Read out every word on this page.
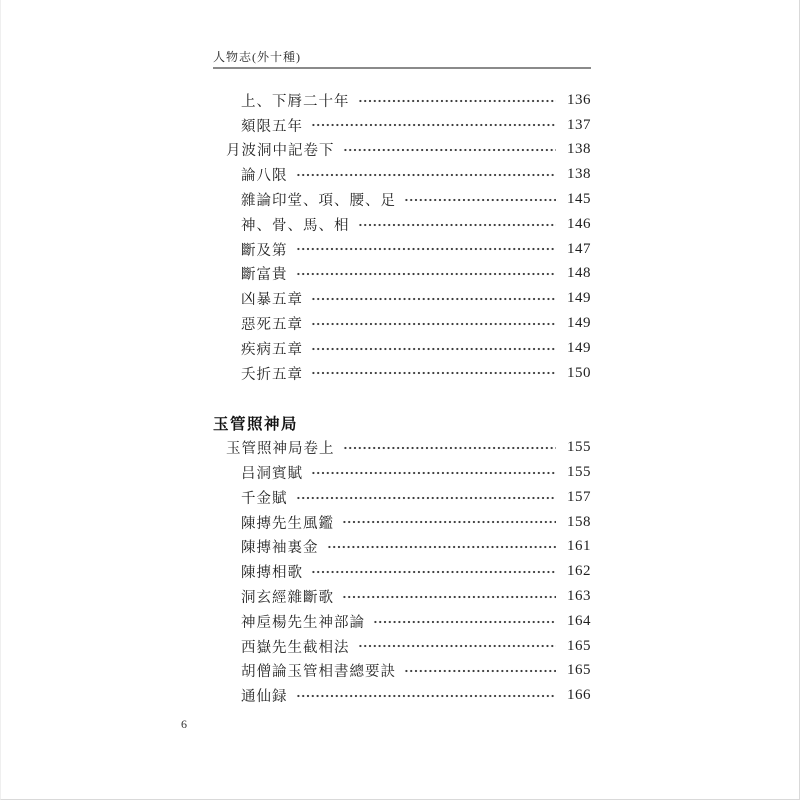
人物志(外十種)
上、下脣二十年	136
頦限五年	137
月波洞中記卷下	138
論八限	138
雜論印堂、項、腰、足	145
神、骨、馬、相	146
斷及第	147
斷富貴	148
凶暴五章	149
惡死五章	149
疾病五章	149
夭折五章	150
玉管照神局
玉管照神局卷上	155
吕洞賓賦	155
千金賦	157
陳摶先生風鑑	158
陳摶袖裏金	161
陳摶相歌	162
洞玄經雜斷歌	163
神垕楊先生神部論	164
西嶽先生截相法	165
胡僧論玉管相書總要訣	165
通仙録	166
6
